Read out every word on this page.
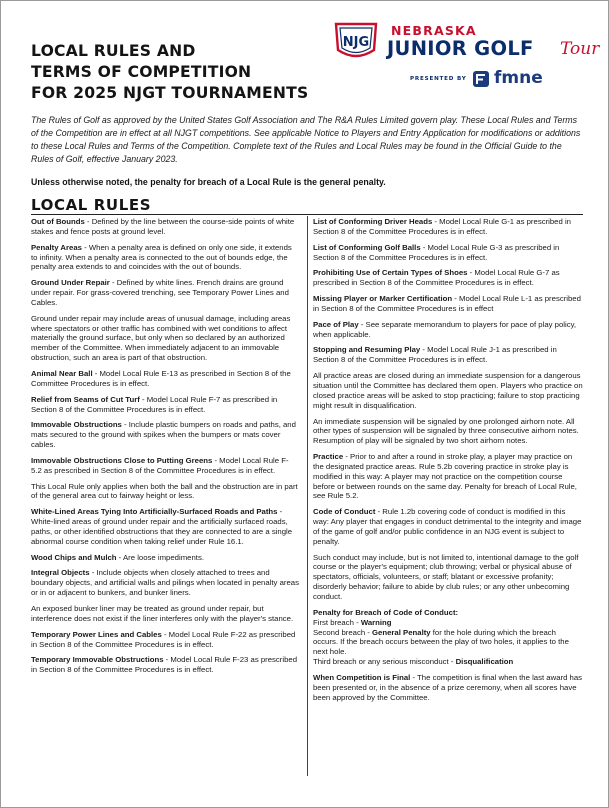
LOCAL RULES AND
TERMS OF COMPETITION
FOR 2025 NJGT TOURNAMENTS
NJG
NEBRASKA
JUNIOR GOLF Tour
PRESENTED BY fmne

The Rules of Golf as approved by the United States Golf Association and The R&A Rules Limited govern play. These Local Rules and Terms of the Competition are in effect at all NJGT competitions. See applicable Notice to Players and Entry Application for modifications or additions to these Local Rules and Terms of the Competition. Complete text of the Rules and Local Rules may be found in the Official Guide to the Rules of Golf, effective January 2023.

Unless otherwise noted, the penalty for breach of a Local Rule is the general penalty.
LOCAL RULES
Out of Bounds - Defined by the line between the course-side points of white stakes and fence posts at ground level.
Penalty Areas - When a penalty area is defined on only one side, it extends to infinity. When a penalty area is connected to the out of bounds edge, the penalty area extends to and coincides with the out of bounds.
Ground Under Repair - Defined by white lines. French drains are ground under repair. For grass-covered trenching, see Temporary Power Lines and Cables.
Ground under repair may include areas of unusual damage, including areas where spectators or other traffic has combined with wet conditions to affect materially the ground surface, but only when so declared by an authorized member of the Committee. When immediately adjacent to an immovable obstruction, such an area is part of that obstruction.
Animal Near Ball - Model Local Rule E-13 as prescribed in Section 8 of the Committee Procedures is in effect.
Relief from Seams of Cut Turf - Model Local Rule F-7 as prescribed in Section 8 of the Committee Procedures is in effect.
Immovable Obstructions - Include plastic bumpers on roads and paths, and mats secured to the ground with spikes when the bumpers or mats cover cables.
Immovable Obstructions Close to Putting Greens - Model Local Rule F-5.2 as prescribed in Section 8 of the Committee Procedures is in effect.
This Local Rule only applies when both the ball and the obstruction are in part of the general area cut to fairway height or less.
White-Lined Areas Tying Into Artificially-Surfaced Roads and Paths - White-lined areas of ground under repair and the artificially surfaced roads, paths, or other identified obstructions that they are connected to are a single abnormal course condition when taking relief under Rule 16.1.
Wood Chips and Mulch - Are loose impediments.
Integral Objects - Include objects when closely attached to trees and boundary objects, and artificial walls and pilings when located in penalty areas or in or adjacent to bunkers, and bunker liners.
An exposed bunker liner may be treated as ground under repair, but interference does not exist if the liner interferes only with the player's stance.
Temporary Power Lines and Cables - Model Local Rule F-22 as prescribed in Section 8 of the Committee Procedures is in effect.
Temporary Immovable Obstructions - Model Local Rule F-23 as prescribed in Section 8 of the Committee Procedures is in effect.
List of Conforming Driver Heads - Model Local Rule G-1 as prescribed in Section 8 of the Committee Procedures is in effect.
List of Conforming Golf Balls - Model Local Rule G-3 as prescribed in Section 8 of the Committee Procedures is in effect.
Prohibiting Use of Certain Types of Shoes - Model Local Rule G-7 as prescribed in Section 8 of the Committee Procedures is in effect.
Missing Player or Marker Certification - Model Local Rule L-1 as prescribed in Section 8 of the Committee Procedures is in effect
Pace of Play - See separate memorandum to players for pace of play policy, when applicable.
Stopping and Resuming Play - Model Local Rule J-1 as prescribed in Section 8 of the Committee Procedures is in effect.
All practice areas are closed during an immediate suspension for a dangerous situation until the Committee has declared them open. Players who practice on closed practice areas will be asked to stop practicing; failure to stop practicing might result in disqualification.
An immediate suspension will be signaled by one prolonged airhorn note. All other types of suspension will be signaled by three consecutive airhorn notes. Resumption of play will be signaled by two short airhorn notes.
Practice - Prior to and after a round in stroke play, a player may practice on the designated practice areas. Rule 5.2b covering practice in stroke play is modified in this way: A player may not practice on the competition course before or between rounds on the same day. Penalty for breach of Local Rule, see Rule 5.2.
Code of Conduct - Rule 1.2b covering code of conduct is modified in this way: Any player that engages in conduct detrimental to the integrity and image of the game of golf and/or public confidence in an NJG event is subject to penalty.
Such conduct may include, but is not limited to, intentional damage to the golf course or the player's equipment; club throwing; verbal or physical abuse of spectators, officials, volunteers, or staff; blatant or excessive profanity; disorderly behavior; failure to abide by club rules; or any other unbecoming conduct.
Penalty for Breach of Code of Conduct:
First breach - Warning
Second breach - General Penalty for the hole during which the breach occurs. If the breach occurs between the play of two holes, it applies to the next hole.
Third breach or any serious misconduct - Disqualification
When Competition is Final - The competition is final when the last award has been presented or, in the absence of a prize ceremony, when all scores have been approved by the Committee.
